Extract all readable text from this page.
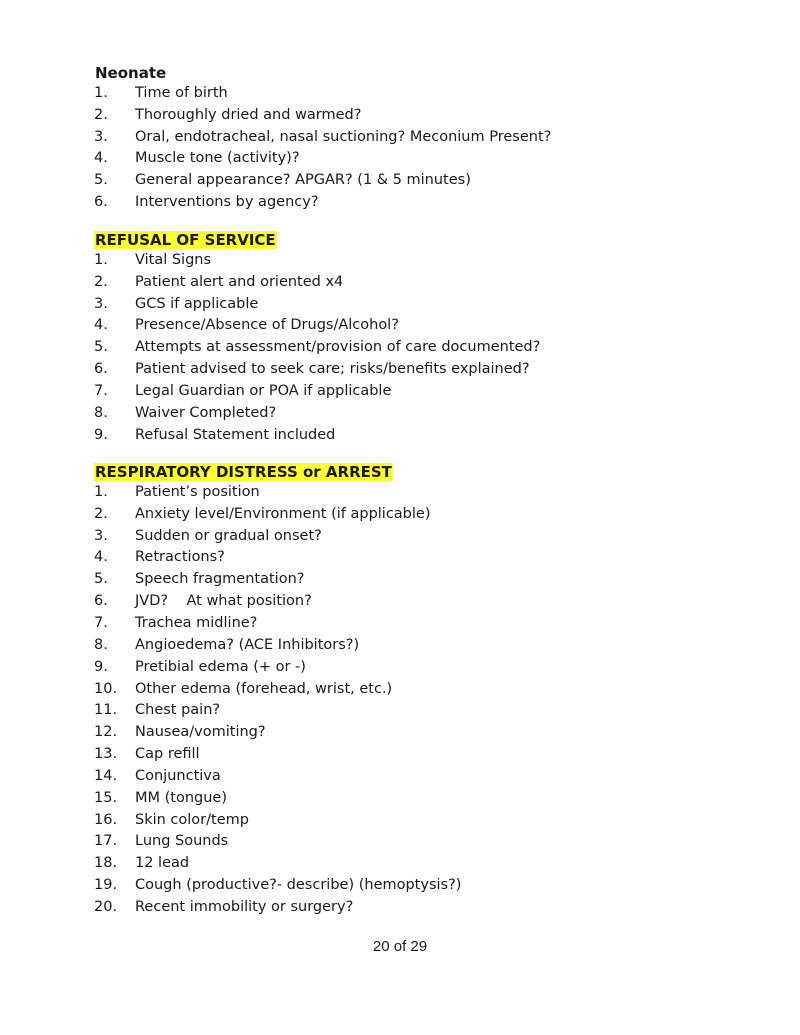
Neonate
1.	Time of birth
2.	Thoroughly dried and warmed?
3.	Oral, endotracheal, nasal suctioning? Meconium Present?
4.	Muscle tone (activity)?
5.	General appearance? APGAR? (1 & 5 minutes)
6.	Interventions by agency?
REFUSAL OF SERVICE
1.	Vital Signs
2.	Patient alert and oriented x4
3.	GCS if applicable
4.	Presence/Absence of Drugs/Alcohol?
5.	Attempts at assessment/provision of care documented?
6.	Patient advised to seek care; risks/benefits explained?
7.	Legal Guardian or POA if applicable
8.	Waiver Completed?
9.	Refusal Statement included
RESPIRATORY DISTRESS or ARREST
1.	Patient’s position
2.	Anxiety level/Environment (if applicable)
3.	Sudden or gradual onset?
4.	Retractions?
5.	Speech fragmentation?
6.	JVD?    At what position?
7.	Trachea midline?
8.	Angioedema? (ACE Inhibitors?)
9.	Pretibial edema (+ or -)
10.	Other edema (forehead, wrist, etc.)
11.	Chest pain?
12.	Nausea/vomiting?
13.	Cap refill
14.	Conjunctiva
15.	MM (tongue)
16.	Skin color/temp
17.	Lung Sounds
18.	12 lead
19.	Cough (productive?- describe) (hemoptysis?)
20.	Recent immobility or surgery?
20 of 29
